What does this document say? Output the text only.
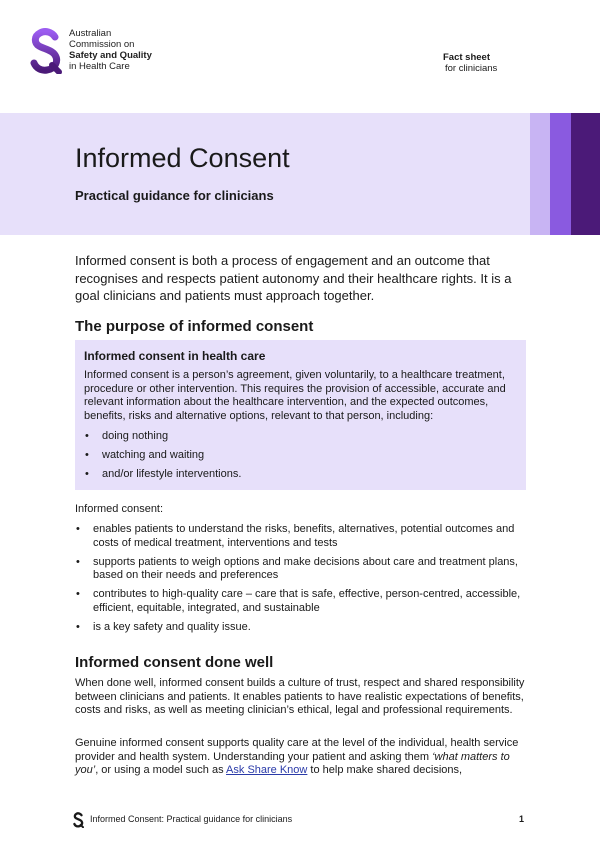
Australian
Commission on
Safety and Quality
in Health Care
Fact sheet
for clinicians
Informed Consent
Practical guidance for clinicians

Informed consent is both a process of engagement and an outcome that recognises and respects patient autonomy and their healthcare rights. It is a goal clinicians and patients must approach together.

The purpose of informed consent
Informed consent in health care

Informed consent is a person’s agreement, given voluntarily, to a healthcare treatment, procedure or other intervention. This requires the provision of accessible, accurate and relevant information about the healthcare intervention, and the expected outcomes, benefits, risks and alternative options, relevant to that person, including:

• doing nothing
• watching and waiting
• and/or lifestyle interventions.

Informed consent:

• enables patients to understand the risks, benefits, alternatives, potential outcomes and costs of medical treatment, interventions and tests
• supports patients to weigh options and make decisions about care and treatment plans, based on their needs and preferences
• contributes to high-quality care – care that is safe, effective, person-centred, accessible, efficient, equitable, integrated, and sustainable
• is a key safety and quality issue.
Informed consent done well

When done well, informed consent builds a culture of trust, respect and shared responsibility between clinicians and patients. It enables patients to have realistic expectations of benefits, costs and risks, as well as meeting clinician’s ethical, legal and professional requirements.

Genuine informed consent supports quality care at the level of the individual, health service provider and health system. Understanding your patient and asking them ‘what matters to you’, or using a model such as Ask Share Know to help make shared decisions,

Informed Consent: Practical guidance for clinicians	1
